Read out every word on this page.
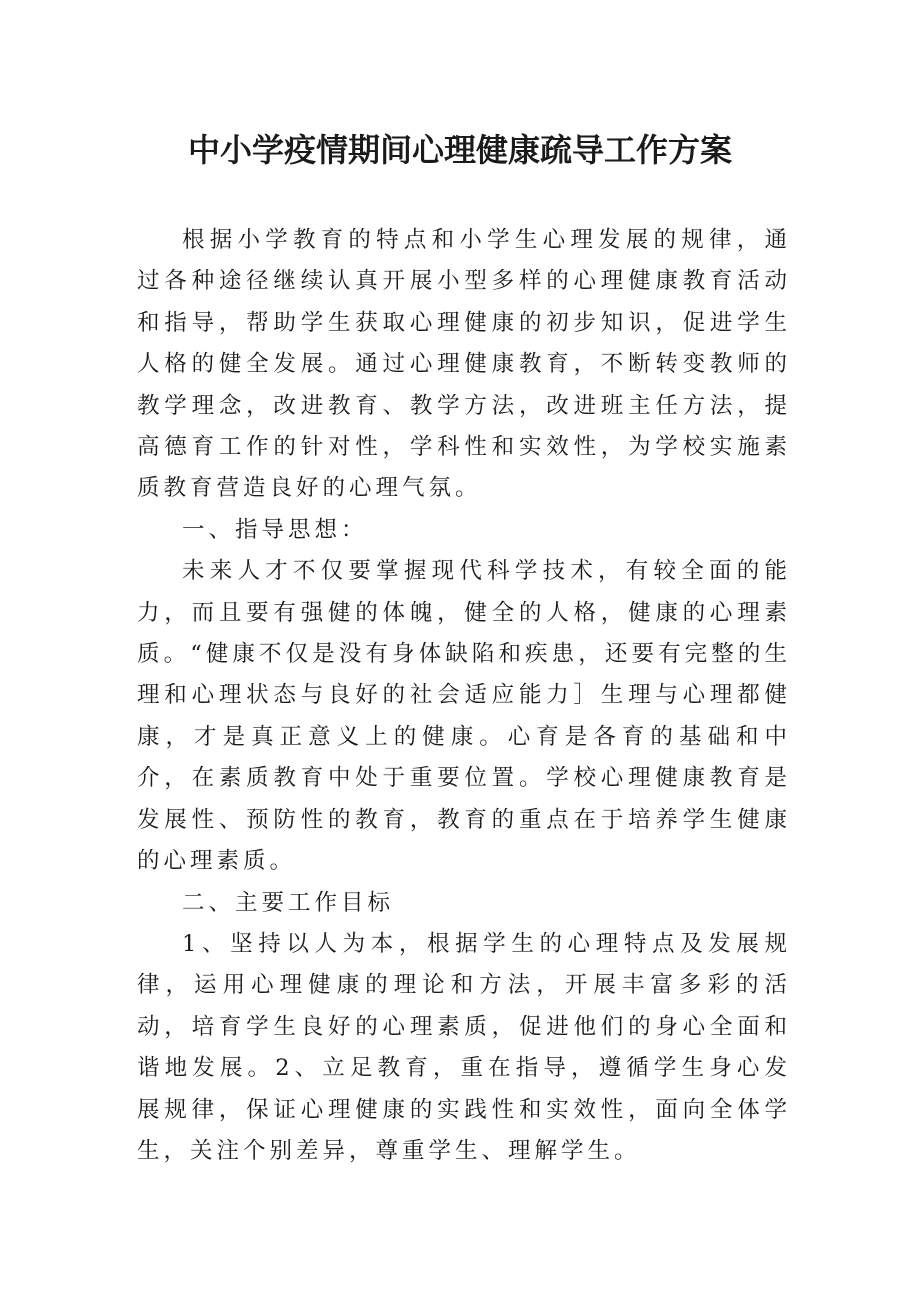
中小学疫情期间心理健康疏导工作方案

根据小学教育的特点和小学生心理发展的规律，通过各种途径继续认真开展小型多样的心理健康教育活动和指导，帮助学生获取心理健康的初步知识，促进学生人格的健全发展。通过心理健康教育，不断转变教师的教学理念，改进教育、教学方法，改进班主任方法，提高德育工作的针对性，学科性和实效性，为学校实施素质教育营造良好的心理气氛。

一、指导思想：

未来人才不仅要掌握现代科学技术，有较全面的能力，而且要有强健的体魄，健全的人格，健康的心理素质。“健康不仅是没有身体缺陷和疾患，还要有完整的生理和心理状态与良好的社会适应能力］生理与心理都健康，才是真正意义上的健康。心育是各育的基础和中介，在素质教育中处于重要位置。学校心理健康教育是发展性、预防性的教育，教育的重点在于培养学生健康的心理素质。

二、主要工作目标

1、坚持以人为本，根据学生的心理特点及发展规律，运用心理健康的理论和方法，开展丰富多彩的活动，培育学生良好的心理素质，促进他们的身心全面和谐地发展。2、立足教育，重在指导，遵循学生身心发展规律，保证心理健康的实践性和实效性，面向全体学生，关注个别差异，尊重学生、理解学生。
